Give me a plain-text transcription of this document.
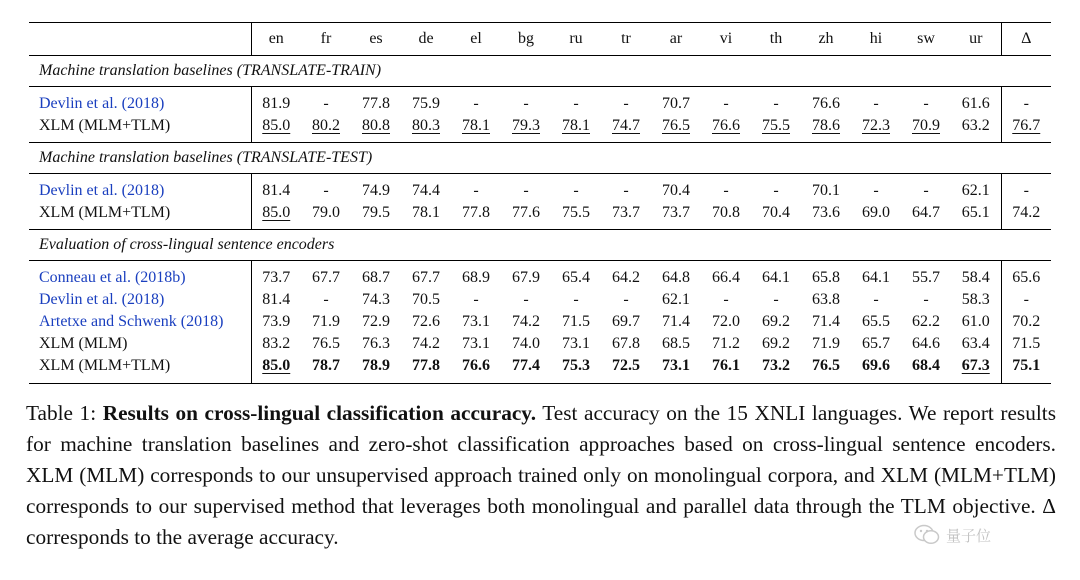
	en	fr	es	de	el	bg	ru	tr	ar	vi	th	zh	hi	sw	ur	Δ
Machine translation baselines (TRANSLATE-TRAIN)																
Devlin et al. (2018)	81.9	-	77.8	75.9	-	-	-	-	70.7	-	-	76.6	-	-	61.6	-
XLM (MLM+TLM)	85.0	80.2	80.8	80.3	78.1	79.3	78.1	74.7	76.5	76.6	75.5	78.6	72.3	70.9	63.2	76.7
Machine translation baselines (TRANSLATE-TEST)																
Devlin et al. (2018)	81.4	-	74.9	74.4	-	-	-	-	70.4	-	-	70.1	-	-	62.1	-
XLM (MLM+TLM)	85.0	79.0	79.5	78.1	77.8	77.6	75.5	73.7	73.7	70.8	70.4	73.6	69.0	64.7	65.1	74.2
Evaluation of cross-lingual sentence encoders																
Conneau et al. (2018b)	73.7	67.7	68.7	67.7	68.9	67.9	65.4	64.2	64.8	66.4	64.1	65.8	64.1	55.7	58.4	65.6
Devlin et al. (2018)	81.4	-	74.3	70.5	-	-	-	-	62.1	-	-	63.8	-	-	58.3	-
Artetxe and Schwenk (2018)	73.9	71.9	72.9	72.6	73.1	74.2	71.5	69.7	71.4	72.0	69.2	71.4	65.5	62.2	61.0	70.2
XLM (MLM)	83.2	76.5	76.3	74.2	73.1	74.0	73.1	67.8	68.5	71.2	69.2	71.9	65.7	64.6	63.4	71.5
XLM (MLM+TLM)	85.0	78.7	78.9	77.8	76.6	77.4	75.3	72.5	73.1	76.1	73.2	76.5	69.6	68.4	67.3	75.1
Table 1: Results on cross-lingual classification accuracy. Test accuracy on the 15 XNLI languages. We report results for machine translation baselines and zero-shot classification approaches based on cross-lingual sentence encoders. XLM (MLM) corresponds to our unsupervised approach trained only on monolingual corpora, and XLM (MLM+TLM) corresponds to our supervised method that leverages both monolingual and parallel data through the TLM objective. Δ corresponds to the average accuracy.	量子位
